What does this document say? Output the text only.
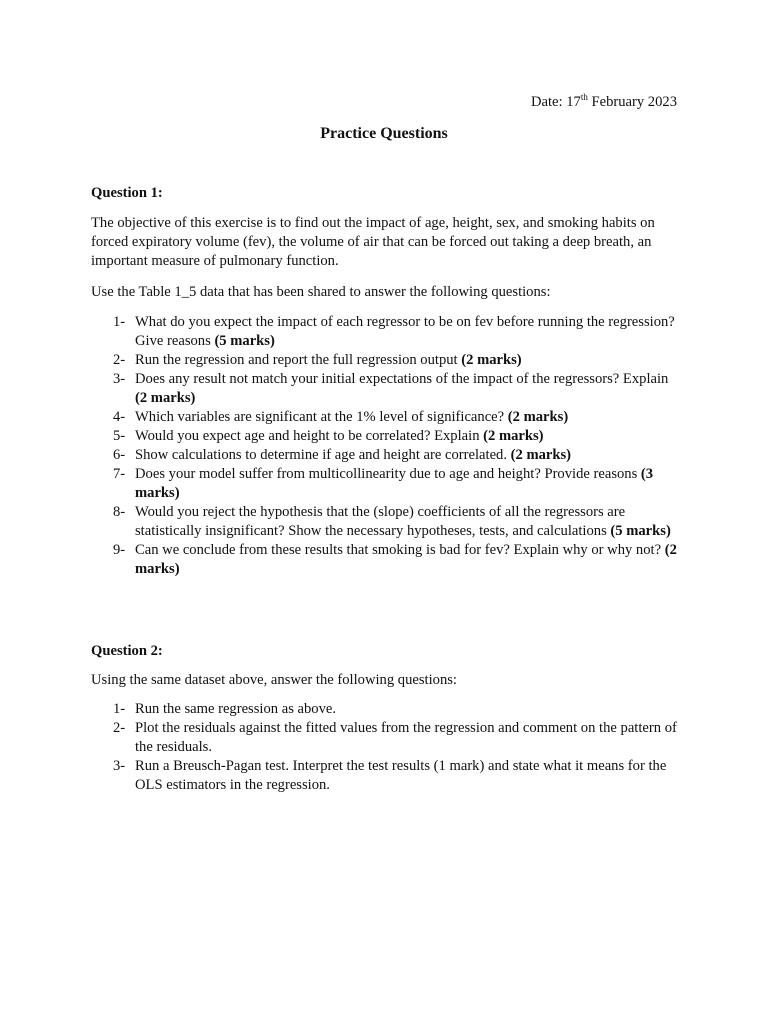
Date: 17th February 2023
Practice Questions

Question 1:

The objective of this exercise is to find out the impact of age, height, sex, and smoking habits on forced expiratory volume (fev), the volume of air that can be forced out taking a deep breath, an important measure of pulmonary function.

Use the Table 1_5 data that has been shared to answer the following questions:

1- What do you expect the impact of each regressor to be on fev before running the regression? Give reasons (5 marks)
2- Run the regression and report the full regression output (2 marks)
3- Does any result not match your initial expectations of the impact of the regressors? Explain (2 marks)
4- Which variables are significant at the 1% level of significance? (2 marks)
5- Would you expect age and height to be correlated? Explain (2 marks)
6- Show calculations to determine if age and height are correlated. (2 marks)
7- Does your model suffer from multicollinearity due to age and height? Provide reasons (3 marks)
8- Would you reject the hypothesis that the (slope) coefficients of all the regressors are statistically insignificant? Show the necessary hypotheses, tests, and calculations (5 marks)
9- Can we conclude from these results that smoking is bad for fev? Explain why or why not? (2 marks)

Question 2:

Using the same dataset above, answer the following questions:

1- Run the same regression as above.
2- Plot the residuals against the fitted values from the regression and comment on the pattern of the residuals.
3- Run a Breusch-Pagan test. Interpret the test results (1 mark) and state what it means for the OLS estimators in the regression.
